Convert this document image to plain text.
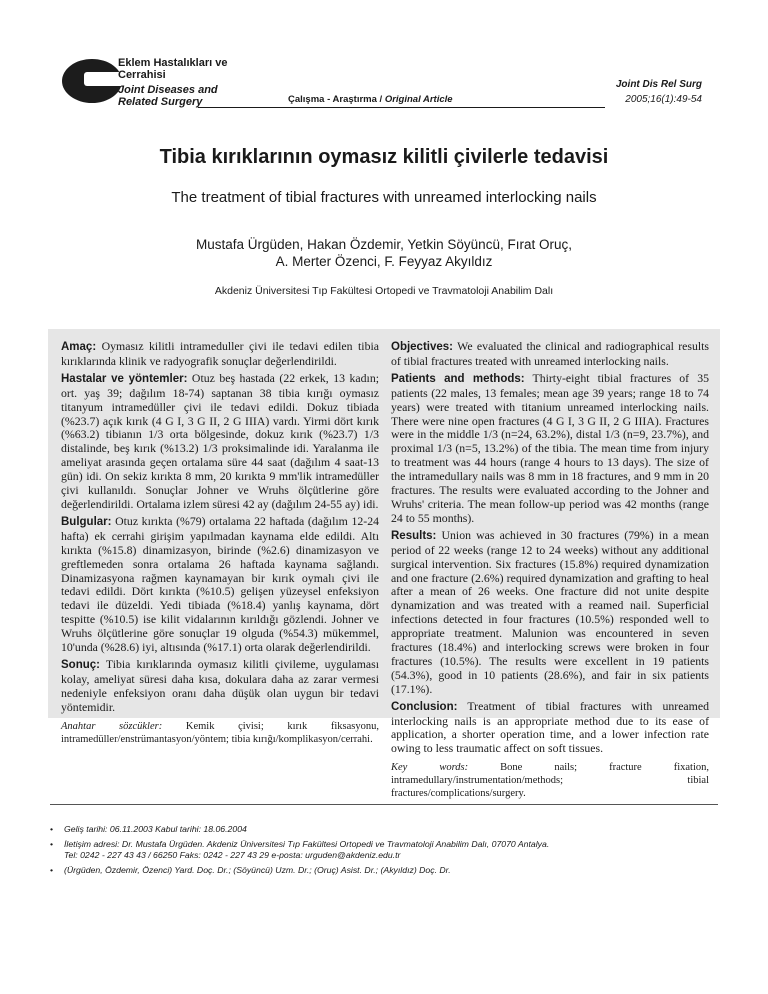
Eklem Hastalıkları ve Cerrahisi
Joint Diseases and Related Surgery	Çalışma - Araştırma / Original Article
Joint Dis Rel Surg
2005;16(1):49-54
Tibia kırıklarının oymasız kilitli çivilerle tedavisi
The treatment of tibial fractures with unreamed interlocking nails
Mustafa Ürgüden, Hakan Özdemir, Yetkin Söyüncü, Fırat Oruç,
A. Merter Özenci, F. Feyyaz Akyıldız
Akdeniz Üniversitesi Tıp Fakültesi Ortopedi ve Travmatoloji Anabilim Dalı

Amaç: Oymasız kilitli intrameduller çivi ile tedavi edilen tibia kırıklarında klinik ve radyografik sonuçlar değerlendirildi.

Hastalar ve yöntemler: Otuz beş hastada (22 erkek, 13 kadın; ort. yaş 39; dağılım 18-74) saptanan 38 tibia kırığı oymasız titanyum intramedüller çivi ile tedavi edildi. Dokuz tibiada (%23.7) açık kırık (4 G I, 3 G II, 2 G IIIA) vardı. Yirmi dört kırık (%63.2) tibianın 1/3 orta bölgesinde, dokuz kırık (%23.7) 1/3 distalinde, beş kırık (%13.2) 1/3 proksimalinde idi. Yaralanma ile ameliyat arasında geçen ortalama süre 44 saat (dağılım 4 saat-13 gün) idi. On sekiz kırıkta 8 mm, 20 kırıkta 9 mm'lik intramedüller çivi kullanıldı. Sonuçlar Johner ve Wruhs ölçütlerine göre değerlendirildi. Ortalama izlem süresi 42 ay (dağılım 24-55 ay) idi.

Bulgular: Otuz kırıkta (%79) ortalama 22 haftada (dağılım 12-24 hafta) ek cerrahi girişim yapılmadan kaynama elde edildi. Altı kırıkta (%15.8) dinamizasyon, birinde (%2.6) dinamizasyon ve greftlemeden sonra ortalama 26 haftada kaynama sağlandı. Dinamizasyona rağmen kaynamayan bir kırık oymalı çivi ile tedavi edildi. Dört kırıkta (%10.5) gelişen yüzeysel enfeksiyon tedavi ile düzeldi. Yedi tibiada (%18.4) yanlış kaynama, dört tespitte (%10.5) ise kilit vidalarının kırıldığı gözlendi. Johner ve Wruhs ölçütlerine göre sonuçlar 19 olguda (%54.3) mükemmel, 10'unda (%28.6) iyi, altısında (%17.1) orta olarak değerlendirildi.

Sonuç: Tibia kırıklarında oymasız kilitli çivileme, uygulaması kolay, ameliyat süresi daha kısa, dokulara daha az zarar vermesi nedeniyle enfeksiyon oranı daha düşük olan uygun bir tedavi yöntemidir.

Anahtar sözcükler: Kemik çivisi; kırık fiksasyonu, intramedüller/enstrümantasyon/yöntem; tibia kırığı/komplikasyon/cerrahi.

Objectives: We evaluated the clinical and radiographical results of tibial fractures treated with unreamed interlocking nails.

Patients and methods: Thirty-eight tibial fractures of 35 patients (22 males, 13 females; mean age 39 years; range 18 to 74 years) were treated with titanium unreamed interlocking nails. There were nine open fractures (4 G I, 3 G II, 2 G IIIA). Fractures were in the middle 1/3 (n=24, 63.2%), distal 1/3 (n=9, 23.7%), and proximal 1/3 (n=5, 13.2%) of the tibia. The mean time from injury to treatment was 44 hours (range 4 hours to 13 days). The size of the intramedullary nails was 8 mm in 18 fractures, and 9 mm in 20 fractures. The results were evaluated according to the Johner and Wruhs' criteria. The mean follow-up period was 42 months (range 24 to 55 months).

Results: Union was achieved in 30 fractures (79%) in a mean period of 22 weeks (range 12 to 24 weeks) without any additional surgical intervention. Six fractures (15.8%) required dynamization and one fracture (2.6%) required dynamization and grafting to heal after a mean of 26 weeks. One fracture did not unite despite dynamization and was treated with a reamed nail. Superficial infections detected in four fractures (10.5%) responded well to appropriate treatment. Malunion was encountered in seven fractures (18.4%) and interlocking screws were broken in four fractures (10.5%). The results were excellent in 19 patients (54.3%), good in 10 patients (28.6%), and fair in six patients (17.1%).

Conclusion: Treatment of tibial fractures with unreamed interlocking nails is an appropriate method due to its ease of application, a shorter operation time, and a lower infection rate owing to less traumatic affect on soft tissues.

Key words:	Bone nails; fracture fixation, intramedullary/instrumentation/methods; tibial fractures/complications/surgery.

• Geliş tarihi: 06.11.2003 Kabul tarihi: 18.06.2004
• İletişim adresi: Dr. Mustafa Ürgüden. Akdeniz Üniversitesi Tıp Fakültesi Ortopedi ve Travmatoloji Anabilim Dalı, 07070 Antalya.
Tel: 0242 - 227 43 43 / 66250 Faks: 0242 - 227 43 29 e-posta: urguden@akdeniz.edu.tr
• (Ürgüden, Özdemir, Özenci) Yard. Doç. Dr.; (Söyüncü) Uzm. Dr.; (Oruç) Asist. Dr.; (Akyıldız) Doç. Dr.
